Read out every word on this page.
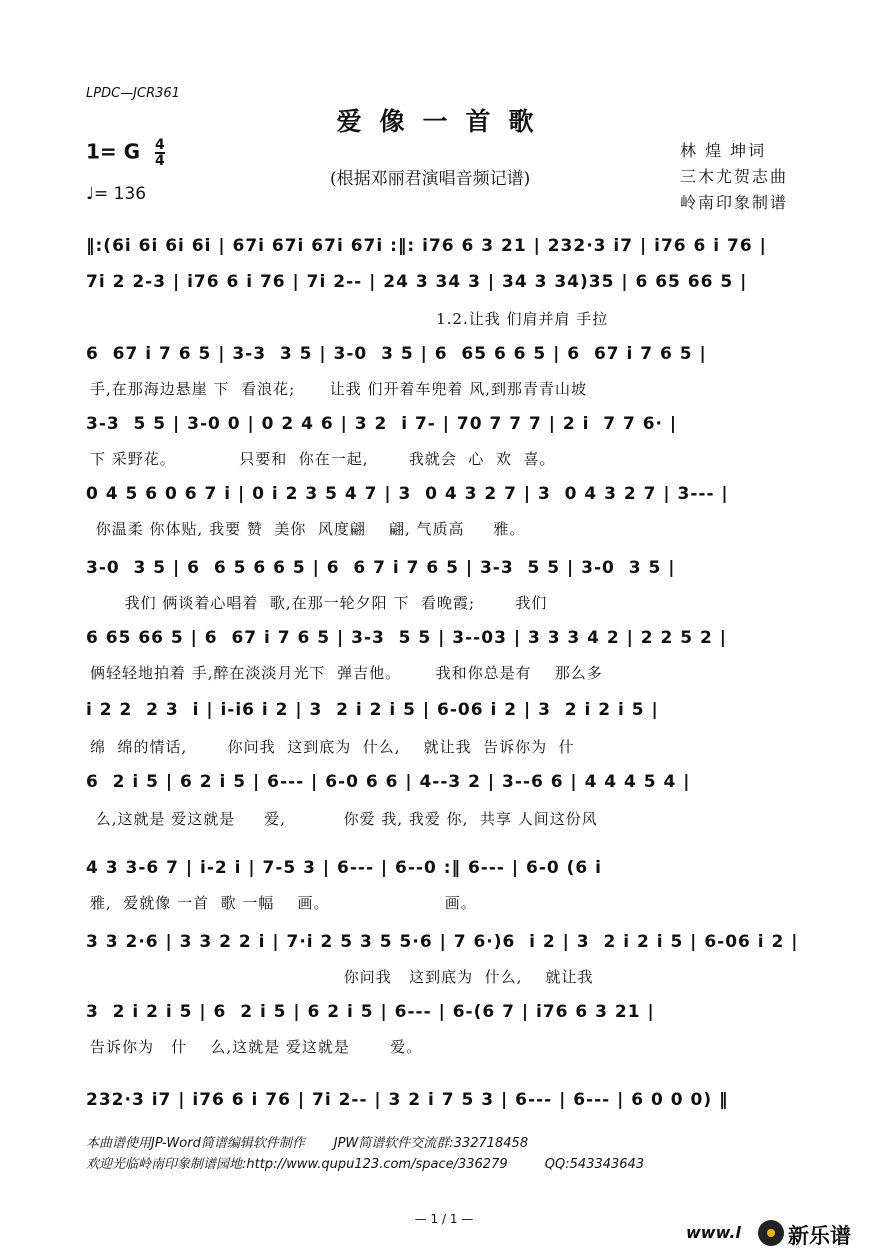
LPDC—JCR361
爱像一首歌
1= G $\frac{4}{4}$
♩= 136
(根据邓丽君演唱音频记谱)
林 煌 坤词
三木尤贺志曲
岭南印象制谱
‖:(6i 6i 6i 6i | 67i 67i 67i 67i :‖: i76 6 3 21 | 232·3 i7 | i76 6 i 76 |
7i 2 2-3 | i76 6 i 76 | 7i 2-- | 24 3 34 3 | 34 3 34)35 | 6 65 66 5 |
1.2.让我 们肩并肩 手拉
6  67 i 7 6 5 | 3-3  3 5 | 3-0  3 5 | 6  65 6 6 5 | 6  67 i 7 6 5 |
手,在那海边悬崖 下  看浪花;      让我 们开着车兜着 风,到那青青山坡
3-3  5 5 | 3-0 0 | 0 2 4 6 | 3 2  i 7- | 70 7 7 7 | 2 i  7 7 6· |
下 采野花。           只要和  你在一起,       我就会  心  欢  喜。
0 4 5 6 0 6 7 i | 0 i 2 3 5 4 7 | 3  0 4 3 2 7 | 3  0 4 3 2 7 | 3--- |
你温柔 你体贴, 我要 赞  美你  风度翩    翩, 气质高     雅。
3-0  3 5 | 6  6 5 6 6 5 | 6  6 7 i 7 6 5 | 3-3  5 5 | 3-0  3 5 |
我们 俩谈着心唱着  歌,在那一轮夕阳 下  看晚霞;       我们
6 65 66 5 | 6  67 i 7 6 5 | 3-3  5 5 | 3--03 | 3 3 3 4 2 | 2 2 5 2 |
俩轻轻地拍着 手,醉在淡淡月光下  弹吉他。      我和你总是有    那么多
i 2 2  2 3  i | i-i6 i 2 | 3  2 i 2 i 5 | 6-06 i 2 | 3  2 i 2 i 5 |
绵  绵的情话,       你问我  这到底为  什么,    就让我  告诉你为  什
6  2 i 5 | 6 2 i 5 | 6--- | 6-0 6 6 | 4--3 2 | 3--6 6 | 4 4 4 5 4 |
么,这就是 爱这就是     爱,          你爱 我, 我爱 你,  共享 人间这份风
4 3 3-6 7 | i-2 i | 7-5 3 | 6--- | 6--0 :‖ 6--- | 6-0 (6 i
雅,  爱就像 一首  歌 一幅    画。                    画。
3 3 2·6 | 3 3 2 2 i | 7·i 2 5 3 5 5·6 | 7 6·)6  i 2 | 3  2 i 2 i 5 | 6-06 i 2 |
你问我   这到底为  什么,    就让我
3  2 i 2 i 5 | 6  2 i 5 | 6 2 i 5 | 6--- | 6-(6 7 | i76 6 3 21 |
告诉你为   什    么,这就是 爱这就是       爱。
232·3 i7 | i76 6 i 76 | 7i 2-- | 3 2 i 7 5 3 | 6--- | 6--- | 6 0 0 0) ‖
本曲谱使用JP-Word简谱编辑软件制作       JPW简谱软件交流群:332718458
欢迎光临岭南印象制谱园地:http://www.qupu123.com/space/336279         QQ:543343643
— 1 / 1 —
www.l 新乐谱
